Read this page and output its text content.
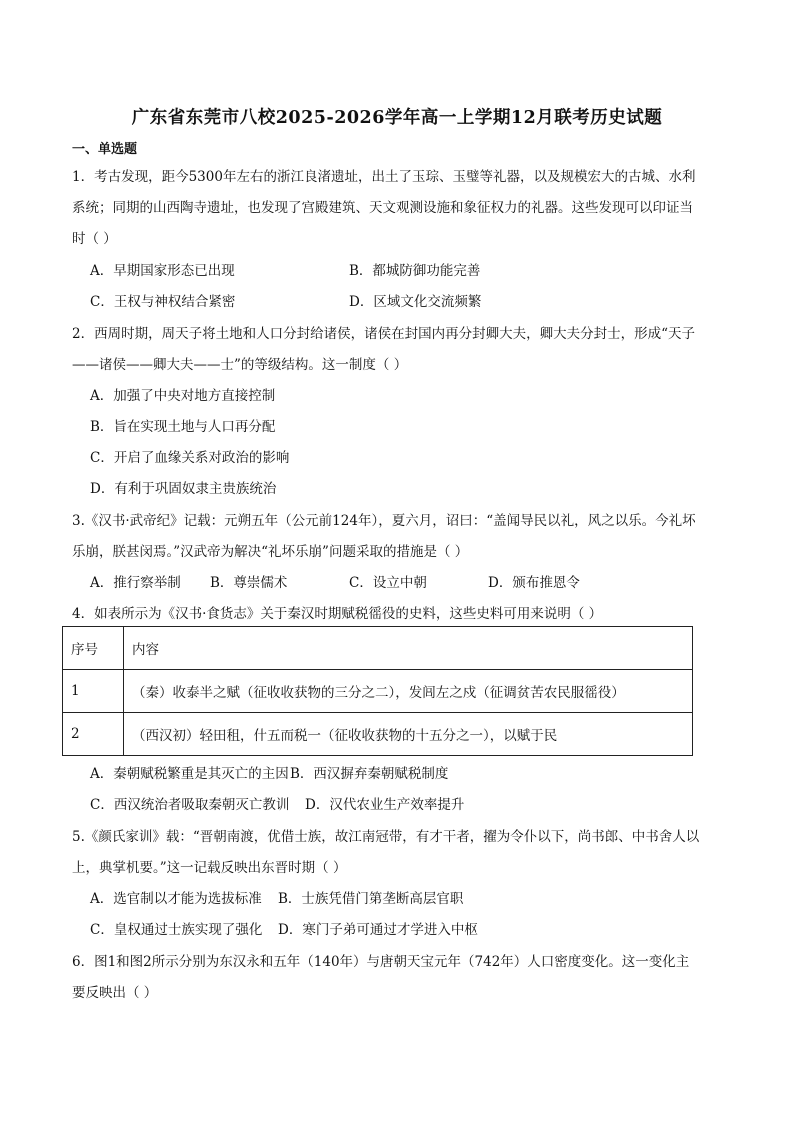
广东省东莞市八校2025-2026学年高一上学期12月联考历史试题
一、单选题
1．考古发现，距今5300年左右的浙江良渚遗址，出土了玉琮、玉璧等礼器，以及规模宏大的古城、水利
系统；同期的山西陶寺遗址，也发现了宫殿建筑、天文观测设施和象征权力的礼器。这些发现可以印证当
时（ ）
A．早期国家形态已出现	B．都城防御功能完善
C．王权与神权结合紧密	D．区域文化交流频繁
2．西周时期，周天子将土地和人口分封给诸侯，诸侯在封国内再分封卿大夫，卿大夫分封士，形成“天子
——诸侯——卿大夫——士”的等级结构。这一制度（ ）
A．加强了中央对地方直接控制
B．旨在实现土地与人口再分配
C．开启了血缘关系对政治的影响
D．有利于巩固奴隶主贵族统治
3.《汉书·武帝纪》记载：元朔五年（公元前124年），夏六月，诏曰：“盖闻导民以礼，风之以乐。今礼坏
乐崩，朕甚闵焉。”汉武帝为解决“礼坏乐崩”问题采取的措施是（ ）
A．推行察举制 B．尊崇儒术	C．设立中朝	D．颁布推恩令
4．如表所示为《汉书·食货志》关于秦汉时期赋税徭役的史料，这些史料可用来说明（ ）
序号	内容
1	（秦）收泰半之赋（征收收获物的三分之二），发闾左之戍（征调贫苦农民服徭役）
2	（西汉初）轻田租，什五而税一（征收收获物的十五分之一），以赋于民
A．秦朝赋税繁重是其灭亡的主因 B．西汉摒弃秦朝赋税制度
C．西汉统治者吸取秦朝灭亡教训 D．汉代农业生产效率提升
5.《颜氏家训》载：“晋朝南渡，优借士族，故江南冠带，有才干者，擢为令仆以下，尚书郎、中书舍人以
上，典掌机要。”这一记载反映出东晋时期（ ）
A．选官制以才能为选拔标准 B．士族凭借门第垄断高层官职
C．皇权通过士族实现了强化 D．寒门子弟可通过才学进入中枢
6．图1和图2所示分别为东汉永和五年（140年）与唐朝天宝元年（742年）人口密度变化。这一变化主
要反映出（ ）
